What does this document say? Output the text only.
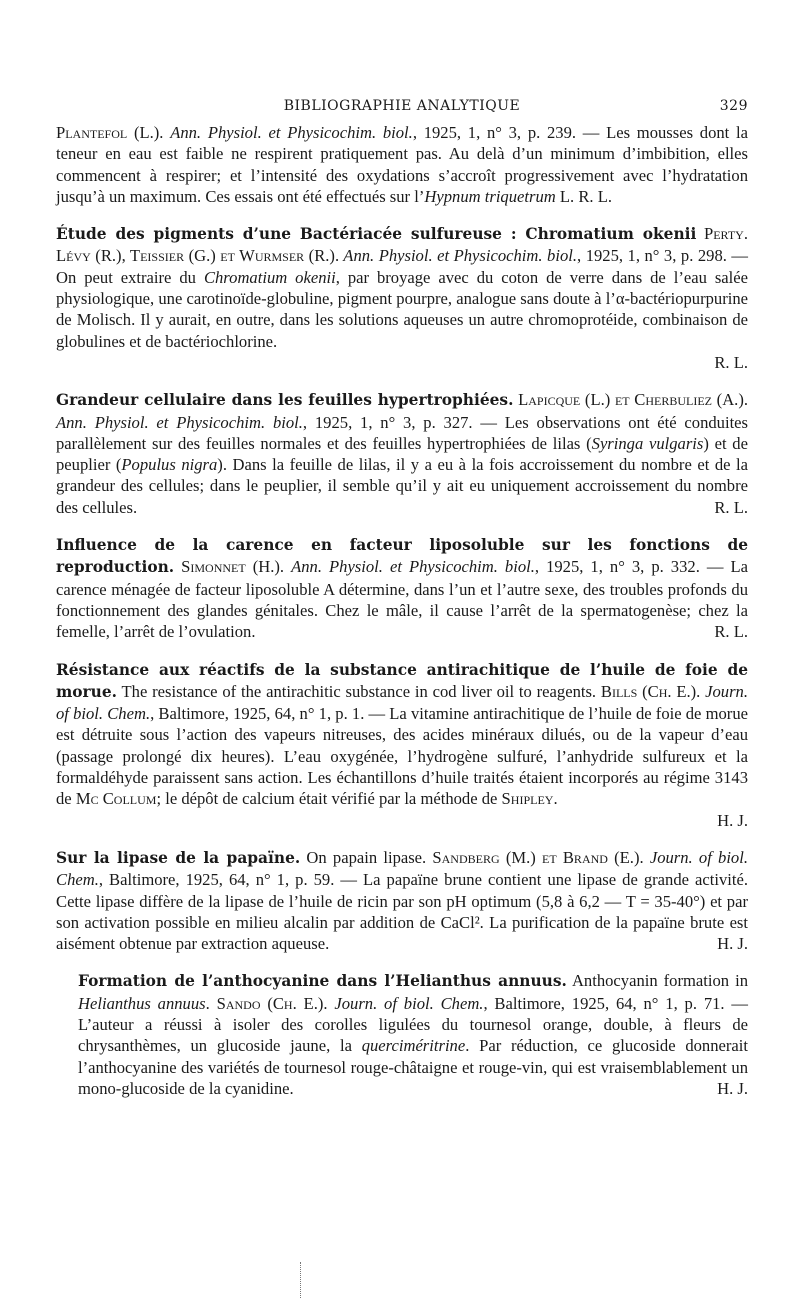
BIBLIOGRAPHIE ANALYTIQUE	329

Plantefol (L.). Ann. Physiol. et Physicochim. biol., 1925, 1, n° 3, p. 239. — Les mousses dont la teneur en eau est faible ne respirent pratiquement pas. Au delà d’un minimum d’imbibition, elles commencent à respirer; et l’intensité des oxydations s’accroît progressivement avec l’hydratation jusqu’à un maximum. Ces essais ont été effectués sur l’Hypnum triquetrum L. R. L.

Étude des pigments d’une Bactériacée sulfureuse : Chromatium okenii Perty. Lévy (R.), Teissier (G.) et Wurmser (R.). Ann. Physiol. et Physicochim. biol., 1925, 1, n° 3, p. 298. — On peut extraire du Chromatium okenii, par broyage avec du coton de verre dans de l’eau salée physiologique, une carotinoïde-globuline, pigment pourpre, analogue sans doute à l’α-bactériopurpurine de Molisch. Il y aurait, en outre, dans les solutions aqueuses un autre chromoprotéide, combinaison de globulines et de bactériochlorine.
R. L.

Grandeur cellulaire dans les feuilles hypertrophiées. Lapicque (L.) et Cherbuliez (A.). Ann. Physiol. et Physicochim. biol., 1925, 1, n° 3, p. 327. — Les observations ont été conduites parallèlement sur des feuilles normales et des feuilles hypertrophiées de lilas (Syringa vulgaris) et de peuplier (Populus nigra). Dans la feuille de lilas, il y a eu à la fois accroissement du nombre et de la grandeur des cellules; dans le peuplier, il semble qu’il y ait eu uniquement accroissement du nombre des cellules.	R. L.

Influence de la carence en facteur liposoluble sur les fonctions de reproduction. Simonnet (H.). Ann. Physiol. et Physicochim. biol., 1925, 1, n° 3, p. 332. — La carence ménagée de facteur liposoluble A détermine, dans l’un et l’autre sexe, des troubles profonds du fonctionnement des glandes génitales. Chez le mâle, il cause l’arrêt de la spermatogenèse; chez la femelle, l’arrêt de l’ovulation.	R. L.

Résistance aux réactifs de la substance antirachitique de l’huile de foie de morue. The resistance of the antirachitic substance in cod liver oil to reagents. Bills (Ch. E.). Journ. of biol. Chem., Baltimore, 1925, 64, n° 1, p. 1. — La vitamine antirachitique de l’huile de foie de morue est détruite sous l’action des vapeurs nitreuses, des acides minéraux dilués, ou de la vapeur d’eau (passage prolongé dix heures). L’eau oxygénée, l’hydrogène sulfuré, l’anhydride sulfureux et la formaldéhyde paraissent sans action. Les échantillons d’huile traités étaient incorporés au régime 3143 de Mc Collum; le dépôt de calcium était vérifié par la méthode de Shipley.
H. J.

Sur la lipase de la papaïne. On papain lipase. Sandberg (M.) et Brand (E.). Journ. of biol. Chem., Baltimore, 1925, 64, n° 1, p. 59. — La papaïne brune contient une lipase de grande activité. Cette lipase diffère de la lipase de l’huile de ricin par son pH optimum (5,8 à 6,2 — T = 35-40°) et par son activation possible en milieu alcalin par addition de CaCl². La purification de la papaïne brute est aisément obtenue par extraction aqueuse.	H. J.

Formation de l’anthocyanine dans l’Helianthus annuus. Anthocyanin formation in Helianthus annuus. Sando (Ch. E.). Journ. of biol. Chem., Baltimore, 1925, 64, n° 1, p. 71. — L’auteur a réussi à isoler des corolles ligulées du tournesol orange, double, à fleurs de chrysanthèmes, un glucoside jaune, la querciméritrine. Par réduction, ce glucoside donnerait l’anthocyanine des variétés de tournesol rouge-châtaigne et rouge-vin, qui est vraisemblablement un mono-glucoside de la cyanidine.	H. J.
